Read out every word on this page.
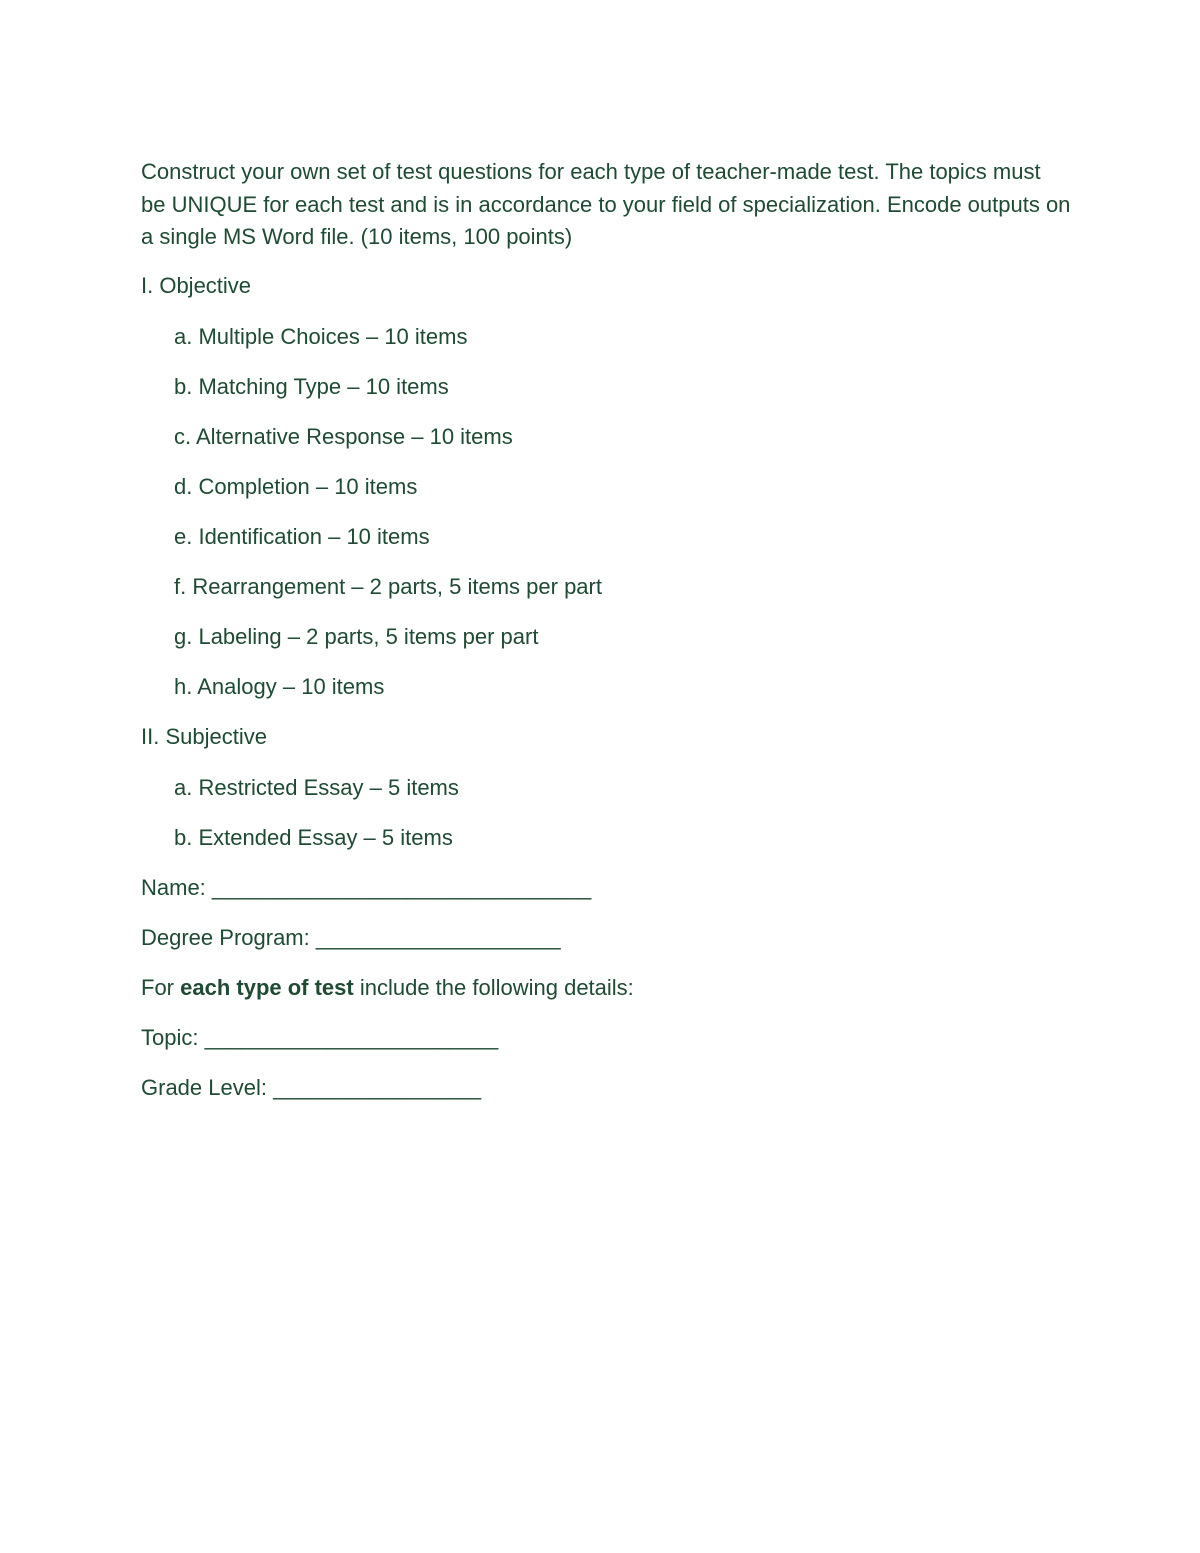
Construct your own set of test questions for each type of teacher-made test. The topics must be UNIQUE for each test and is in accordance to your field of specialization. Encode outputs on a single MS Word file. (10 items, 100 points)

I. Objective

a. Multiple Choices – 10 items
b. Matching Type – 10 items
c. Alternative Response – 10 items
d. Completion – 10 items
e. Identification – 10 items
f. Rearrangement – 2 parts, 5 items per part
g. Labeling – 2 parts, 5 items per part
h. Analogy – 10 items

II. Subjective

a. Restricted Essay – 5 items
b. Extended Essay – 5 items

Name: _______________________________

Degree Program: ____________________

For each type of test include the following details:

Topic: ________________________

Grade Level: _________________
